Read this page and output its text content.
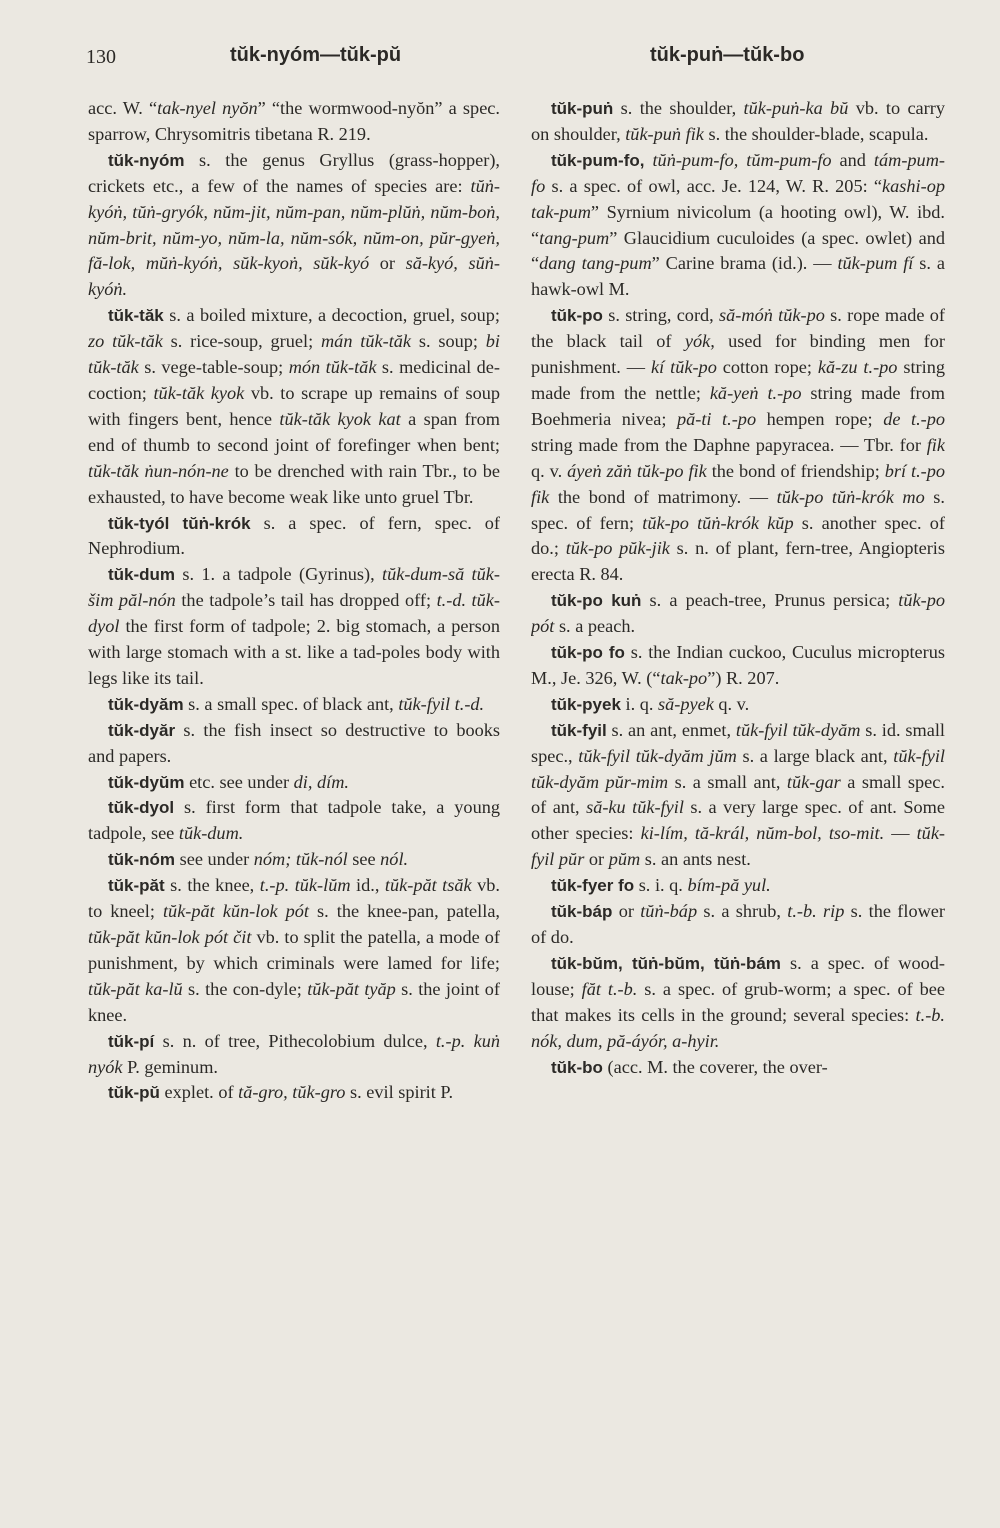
130	tŭk-nyóm—tŭk-pŭ	tŭk-puṅ—tŭk-bo

acc. W. “tak-nyel nyŏn” “the wormwood-nyŏn” a spec. sparrow, Chrysomitris tibetana R. 219.

tŭk-nyóm s. the genus Gryllus (grass-hopper), crickets etc., a few of the names of species are: tŭṅ-kyóṅ, tŭṅ-gryók, nŭm-jit, nŭm-pan, nŭm-plŭṅ, nŭm-boṅ, nŭm-brit, nŭm-yo, nŭm-la, nŭm-sók, nŭm-on, pŭr-gyeṅ, fă-lok, mŭṅ-kyóṅ, sŭk-kyoṅ, sŭk-kyó or să-kyó, sŭṅ-kyóṅ.

tŭk-tăk s. a boiled mixture, a decoction, gruel, soup; zo tŭk-tăk s. rice-soup, gruel; mán tŭk-tăk s. soup; bi tŭk-tăk s. vege-table-soup; món tŭk-tăk s. medicinal de-coction; tŭk-tăk kyok vb. to scrape up remains of soup with fingers bent, hence tŭk-tăk kyok kat a span from end of thumb to second joint of forefinger when bent; tŭk-tăk ṅun-nón-ne to be drenched with rain Tbr., to be exhausted, to have become weak like unto gruel Tbr.

tŭk-tyól tŭṅ-krók s. a spec. of fern, spec. of Nephrodium.

tŭk-dum s. 1. a tadpole (Gyrinus), tŭk-dum-să tŭk-šim păl-nón the tadpole’s tail has dropped off; t.-d. tŭk-dyol the first form of tadpole; 2. big stomach, a person with large stomach with a st. like a tad-poles body with legs like its tail.

tŭk-dyăm s. a small spec. of black ant, tŭk-fyil t.-d.

tŭk-dyăr s. the fish insect so destructive to books and papers.

tŭk-dyŭm etc. see under di, dím.

tŭk-dyol s. first form that tadpole take, a young tadpole, see tŭk-dum.

tŭk-nóm see under nóm; tŭk-nól see nól.

tŭk-păt s. the knee, t.-p. tŭk-lŭm id., tŭk-păt tsăk vb. to kneel; tŭk-păt kŭn-lok pót s. the knee-pan, patella, tŭk-păt kŭn-lok pót čit vb. to split the patella, a mode of punishment, by which criminals were lamed for life; tŭk-păt ka-lŭ s. the con-dyle; tŭk-păt tyăp s. the joint of knee.

tŭk-pí s. n. of tree, Pithecolobium dulce, t.-p. kuṅ nyók P. geminum.

tŭk-pŭ explet. of tă-gro, tŭk-gro s. evil spirit P.

tŭk-puṅ s. the shoulder, tŭk-puṅ-ka bŭ vb. to carry on shoulder, tŭk-puṅ fik s. the shoulder-blade, scapula.

tŭk-pum-fo, tŭṅ-pum-fo, tŭm-pum-fo and tám-pum-fo s. a spec. of owl, acc. Je. 124, W. R. 205: “kashi-op tak-pum” Syrnium nivicolum (a hooting owl), W. ibd. “tang-pum” Glaucidium cuculoides (a spec. owlet) and “dang tang-pum” Carine brama (id.). — tŭk-pum fí s. a hawk-owl M.

tŭk-po s. string, cord, să-móṅ tŭk-po s. rope made of the black tail of yók, used for binding men for punishment. — kí tŭk-po cotton rope; kă-zu t.-po string made from the nettle; kă-yeṅ t.-po string made from Boehmeria nivea; pă-ti t.-po hempen rope; de t.-po string made from the Daphne papyracea. — Tbr. for fik q. v. áyeṅ zăṅ tŭk-po fik the bond of friendship; brí t.-po fik the bond of matrimony. — tŭk-po tŭṅ-krók mo s. spec. of fern; tŭk-po tŭṅ-krók kŭp s. another spec. of do.; tŭk-po pŭk-jik s. n. of plant, fern-tree, Angiopteris erecta R. 84.

tŭk-po kuṅ s. a peach-tree, Prunus persica; tŭk-po pót s. a peach.

tŭk-po fo s. the Indian cuckoo, Cuculus micropterus M., Je. 326, W. (“tak-po”) R. 207.

tŭk-pyek i. q. să-pyek q. v.

tŭk-fyil s. an ant, enmet, tŭk-fyil tŭk-dyăm s. id. small spec., tŭk-fyil tŭk-dyăm jŭm s. a large black ant, tŭk-fyil tŭk-dyăm pŭr-mim s. a small ant, tŭk-gar a small spec. of ant, să-ku tŭk-fyil s. a very large spec. of ant. Some other species: ki-lím, tă-král, nŭm-bol, tso-mit. — tŭk-fyil pŭr or pŭm s. an ants nest.

tŭk-fyer fo s. i. q. bím-pă yul.

tŭk-báp or tŭṅ-báp s. a shrub, t.-b. rip s. the flower of do.

tŭk-bŭm, tŭṅ-bŭm, tŭṅ-bám s. a spec. of wood-louse; făt t.-b. s. a spec. of grub-worm; a spec. of bee that makes its cells in the ground; several species: t.-b. nók, dum, pă-áyór, a-hyir.

tŭk-bo (acc. M. the coverer, the over-
